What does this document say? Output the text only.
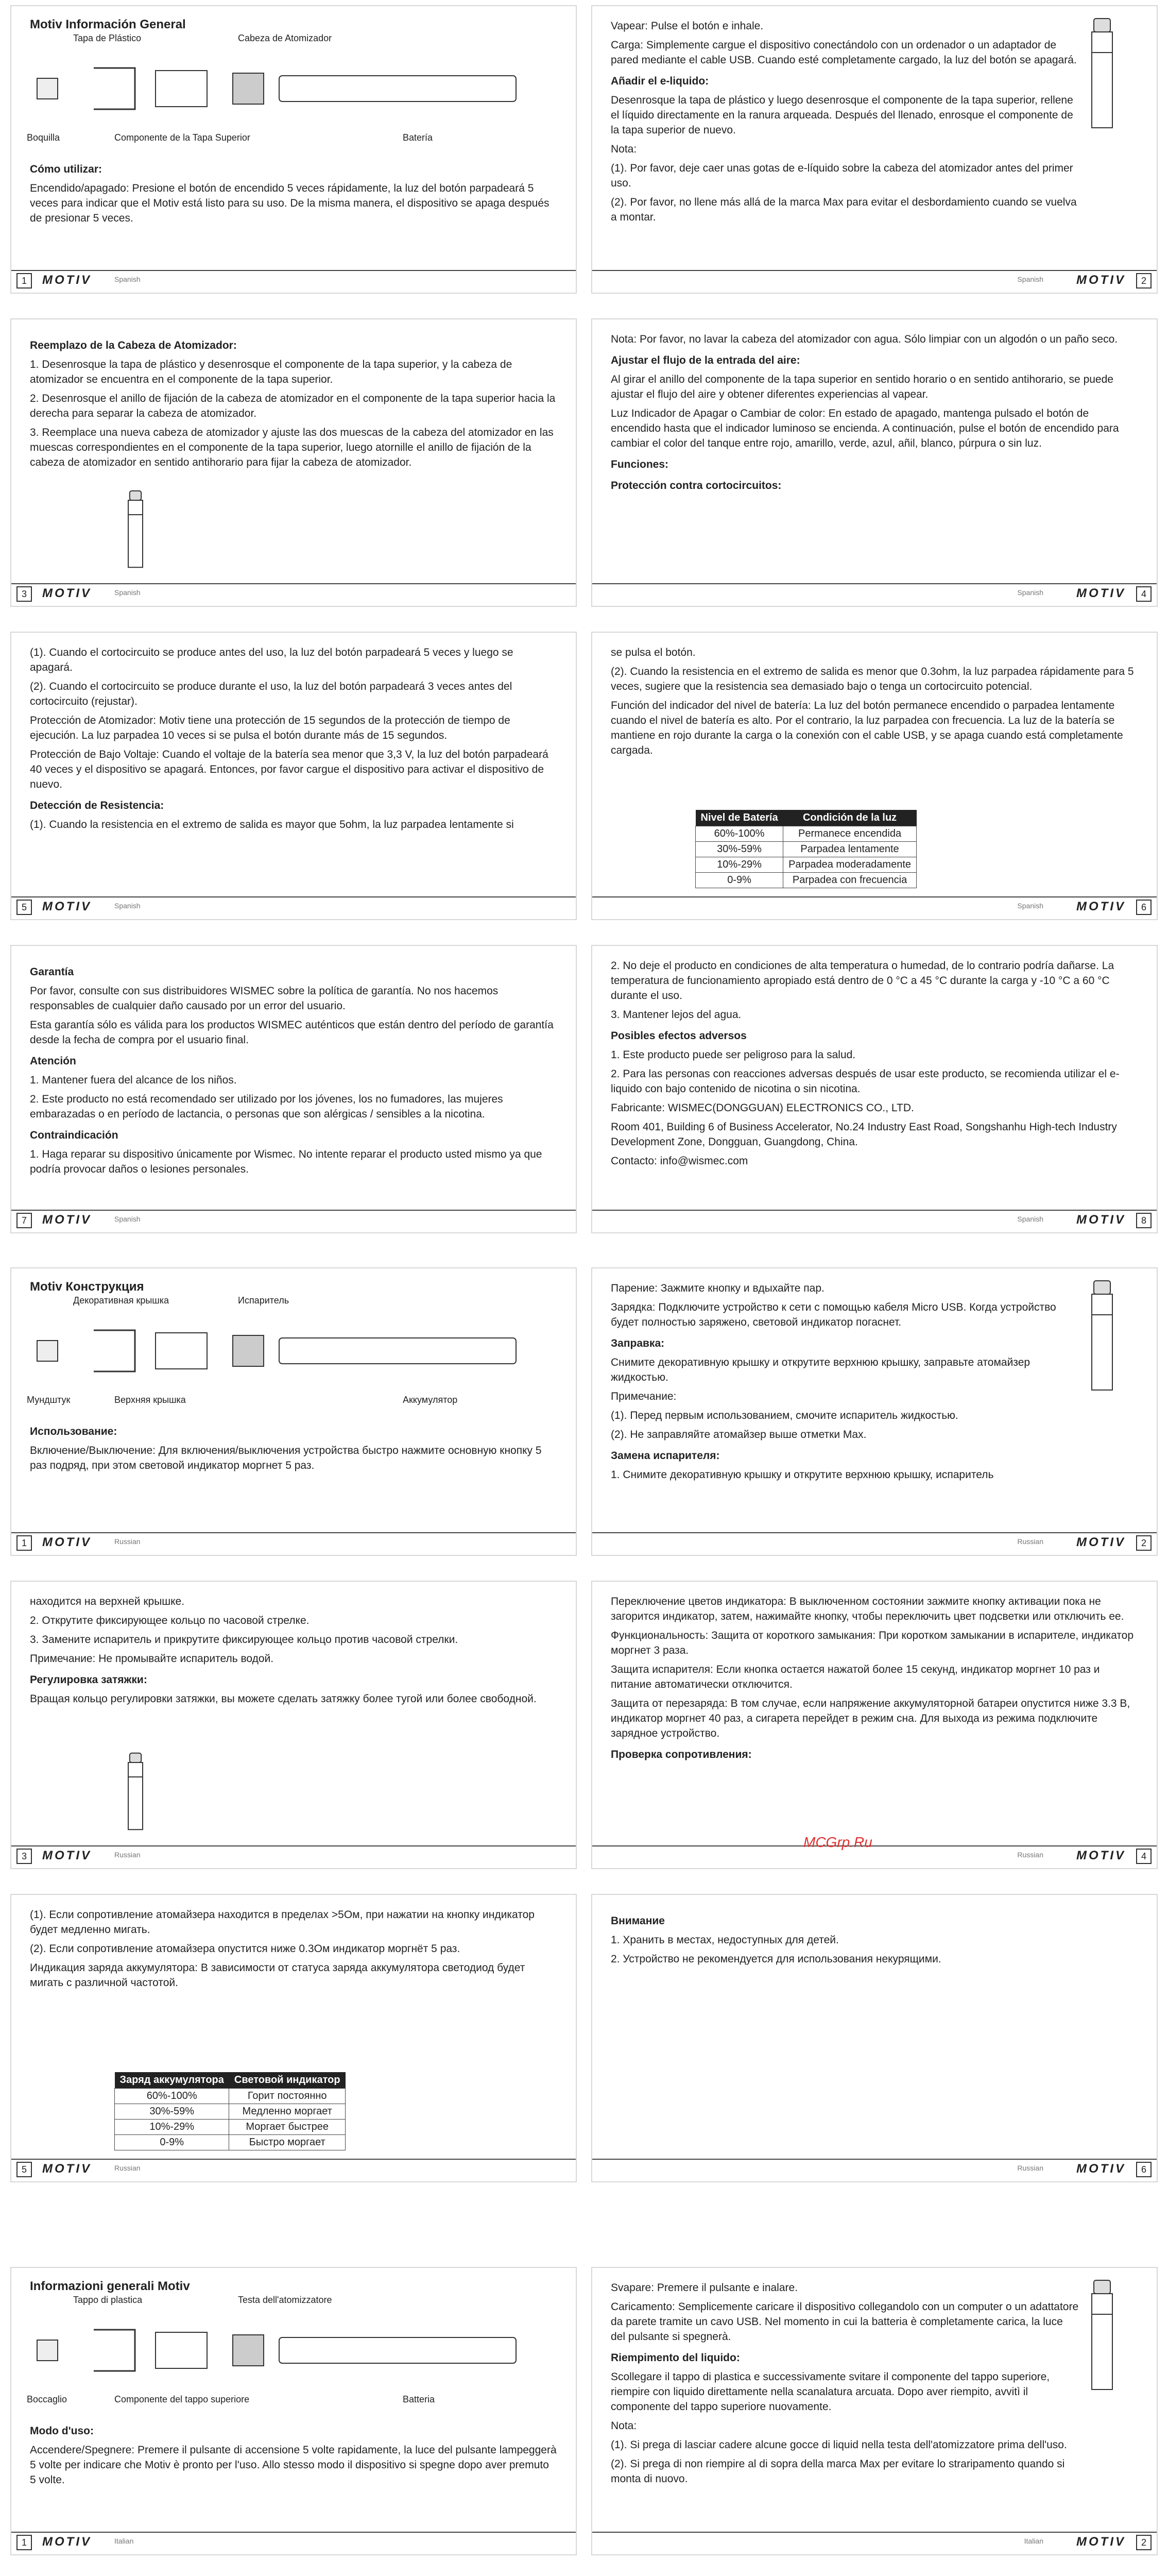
Motiv Información General
Tapa de Plástico	Cabeza de Atomizador
Boquilla	Componente de la Tapa Superior	Batería

Cómo utilizar:

Encendido/apagado: Presione el botón de encendido 5 veces rápidamente, la luz del botón parpadeará 5 veces para indicar que el Motiv está listo para su uso. De la misma manera, el dispositivo se apaga después de presionar 5 veces.

1	MOTIV	Spanish

Vapear: Pulse el botón e inhale.

Carga: Simplemente cargue el dispositivo conectándolo con un ordenador o un adaptador de pared mediante el cable USB. Cuando esté completamente cargado, la luz del botón se apagará.

Añadir el e-liquido:

Desenrosque la tapa de plástico y luego desenrosque el componente de la tapa superior, rellene el líquido directamente en la ranura arqueada. Después del llenado, enrosque el componente de la tapa superior de nuevo.

Nota:

(1). Por favor, deje caer unas gotas de e-líquido sobre la cabeza del atomizador antes del primer uso.

(2). Por favor, no llene más allá de la marca Max para evitar el desbordamiento cuando se vuelva a montar.

2
MOTIV
Spanish

Reemplazo de la Cabeza de Atomizador:

1. Desenrosque la tapa de plástico y desenrosque el componente de la tapa superior, y la cabeza de atomizador se encuentra en el componente de la tapa superior.

2. Desenrosque el anillo de fijación de la cabeza de atomizador en el componente de la tapa superior hacia la derecha para separar la cabeza de atomizador.

3. Reemplace una nueva cabeza de atomizador y ajuste las dos muescas de la cabeza del atomizador en las muescas correspondientes en el componente de la tapa superior, luego atornille el anillo de fijación de la cabeza de atomizador en sentido antihorario para fijar la cabeza de atomizador.

3	MOTIV	Spanish

Nota: Por favor, no lavar la cabeza del atomizador con agua. Sólo limpiar con un algodón o un paño seco.

Ajustar el flujo de la entrada del aire:

Al girar el anillo del componente de la tapa superior en sentido horario o en sentido antihorario, se puede ajustar el flujo del aire y obtener diferentes experiencias al vapear.

Luz Indicador de Apagar o Cambiar de color: En estado de apagado, mantenga pulsado el botón de encendido hasta que el indicador luminoso se encienda. A continuación, pulse el botón de encendido para cambiar el color del tanque entre rojo, amarillo, verde, azul, añil, blanco, púrpura o sin luz.

Funciones:

Protección contra cortocircuitos:

4
MOTIV
Spanish

(1). Cuando el cortocircuito se produce antes del uso, la luz del botón parpadeará 5 veces y luego se apagará.

(2). Cuando el cortocircuito se produce durante el uso, la luz del botón parpadeará 3 veces antes del cortocircuito (rejustar).

Protección de Atomizador: Motiv tiene una protección de 15 segundos de la protección de tiempo de ejecución. La luz parpadea 10 veces si se pulsa el botón durante más de 15 segundos.

Protección de Bajo Voltaje: Cuando el voltaje de la batería sea menor que 3,3 V, la luz del botón parpadeará 40 veces y el dispositivo se apagará. Entonces, por favor cargue el dispositivo para activar el dispositivo de nuevo.

Detección de Resistencia:

(1). Cuando la resistencia en el extremo de salida es mayor que 5ohm, la luz parpadea lentamente si

5	MOTIV	Spanish

se pulsa el botón.

(2). Cuando la resistencia en el extremo de salida es menor que 0.3ohm, la luz parpadea rápidamente para 5 veces, sugiere que la resistencia sea demasiado bajo o tenga un cortocircuito potencial.

Función del indicador del nivel de batería: La luz del botón permanece encendido o parpadea lentamente cuando el nivel de batería es alto. Por el contrario, la luz parpadea con frecuencia. La luz de la batería se mantiene en rojo durante la carga o la conexión con el cable USB, y se apaga cuando está completamente cargada.

Nivel de Batería	Condición de la luz
60%-100%	Permanece encendida
30%-59%	Parpadea lentamente
10%-29%	Parpadea moderadamente
0-9%	Parpadea con frecuencia
6
MOTIV
Spanish

Garantía

Por favor, consulte con sus distribuidores WISMEC sobre la política de garantía. No nos hacemos responsables de cualquier daño causado por un error del usuario.

Esta garantía sólo es válida para los productos WISMEC auténticos que están dentro del período de garantía desde la fecha de compra por el usuario final.

Atención

1. Mantener fuera del alcance de los niños.

2. Este producto no está recomendado ser utilizado por los jóvenes, los no fumadores, las mujeres embarazadas o en período de lactancia, o personas que son alérgicas / sensibles a la nicotina.

Contraindicación

1. Haga reparar su dispositivo únicamente por Wismec. No intente reparar el producto usted mismo ya que podría provocar daños o lesiones personales.

7	MOTIV	Spanish

2. No deje el producto en condiciones de alta temperatura o humedad, de lo contrario podría dañarse. La temperatura de funcionamiento apropiado está dentro de 0 °C a 45 °C durante la carga y -10 °C a 60 °C durante el uso.

3. Mantener lejos del agua.

Posibles efectos adversos

1. Este producto puede ser peligroso para la salud.

2. Para las personas con reacciones adversas después de usar este producto, se recomienda utilizar el e-liquido con bajo contenido de nicotina o sin nicotina.

Fabricante: WISMEC(DONGGUAN) ELECTRONICS CO., LTD.

Room 401, Building 6 of Business Accelerator, No.24 Industry East Road, Songshanhu High-tech Industry Development Zone, Dongguan, Guangdong, China.

Contacto: info@wismec.com

8
MOTIV
Spanish
Motiv Конструкция
Декоративная крышка	Испаритель
Мундштук	Верхняя крышка	Аккумулятор

Использование:

Включение/Выключение: Для включения/выключения устройства быстро нажмите основную кнопку 5 раз подряд, при этом световой индикатор моргнет 5 раз.

1	MOTIV	Russian

Парение: Зажмите кнопку и вдыхайте пар.

Зарядка: Подключите устройство к сети с помощью кабеля Micro USB. Когда устройство будет полностью заряжено, световой индикатор погаснет.

Заправка:

Снимите декоративную крышку и открутите верхнюю крышку, заправьте атомайзер жидкостью.

Примечание:

(1). Перед первым использованием, смочите испаритель жидкостью.

(2). Не заправляйте атомайзер выше отметки Max.

Замена испарителя:

1. Снимите декоративную крышку и открутите верхнюю крышку, испаритель

2
MOTIV
Russian

находится на верхней крышке.

2. Открутите фиксирующее кольцо по часовой стрелке.

3. Замените испаритель и прикрутите фиксирующее кольцо против часовой стрелки.

Примечание: Не промывайте испаритель водой.

Регулировка затяжки:

Вращая кольцо регулировки затяжки, вы можете сделать затяжку более тугой или более свободной.

3	MOTIV	Russian

Переключение цветов индикатора: В выключенном состоянии зажмите кнопку активации пока не загорится индикатор, затем, нажимайте кнопку, чтобы переключить цвет подсветки или отключить ее.

Функциональность: Защита от короткого замыкания: При коротком замыкании в испарителе, индикатор моргнет 3 раза.

Защита испарителя: Если кнопка остается нажатой более 15 секунд, индикатор моргнет 10 раз и питание автоматически отключится.

Защита от перезаряда: В том случае, если напряжение аккумуляторной батареи опустится ниже 3.3 В, индикатор моргнет 40 раз, а сигарета перейдет в режим сна. Для выхода из режима подключите зарядное устройство.

Проверка сопротивления:

4
MOTIV
Russian

(1). Если сопротивление атомайзера находится в пределах >5Ом, при нажатии на кнопку индикатор будет медленно мигать.

(2). Если сопротивление атомайзера опустится ниже 0.3Ом индикатор моргнёт 5 раз.

Индикация заряда аккумулятора: В зависимости от статуса заряда аккумулятора светодиод будет мигать с различной частотой.

Заряд аккумулятора	Световой индикатор
60%-100%	Горит постоянно
30%-59%	Медленно моргает
10%-29%	Моргает быстрее
0-9%	Быстро моргает
5	MOTIV	Russian

Внимание

1. Хранить в местах, недоступных для детей.

2. Устройство не рекомендуется для использования некурящими.

6
MOTIV
Russian
Informazioni generali Motiv
Tappo di plastica	Testa dell'atomizzatore
Boccaglio	Componente del tappo superiore	Batteria

Modo d'uso:

Accendere/Spegnere: Premere il pulsante di accensione 5 volte rapidamente, la luce del pulsante lampeggerà 5 volte per indicare che Motiv è pronto per l'uso. Allo stesso modo il dispositivo si spegne dopo aver premuto 5 volte.

1	MOTIV	Italian

Svapare: Premere il pulsante e inalare.

Caricamento: Semplicemente caricare il dispositivo collegandolo con un computer o un adattatore da parete tramite un cavo USB. Nel momento in cui la batteria è completamente carica, la luce del pulsante si spegnerà.

Riempimento del liquido:

Scollegare il tappo di plastica e successivamente svitare il componente del tappo superiore, riempire con liquido direttamente nella scanalatura arcuata. Dopo aver riempito, avvitì il componente del tappo superiore nuovamente.

Nota:

(1). Si prega di lasciar cadere alcune gocce di liquid nella testa dell'atomizzatore prima dell'uso.

(2). Si prega di non riempire al di sopra della marca Max per evitare lo straripamento quando si monta di nuovo.

2
MOTIV
Italian

MCGrp.Ru
